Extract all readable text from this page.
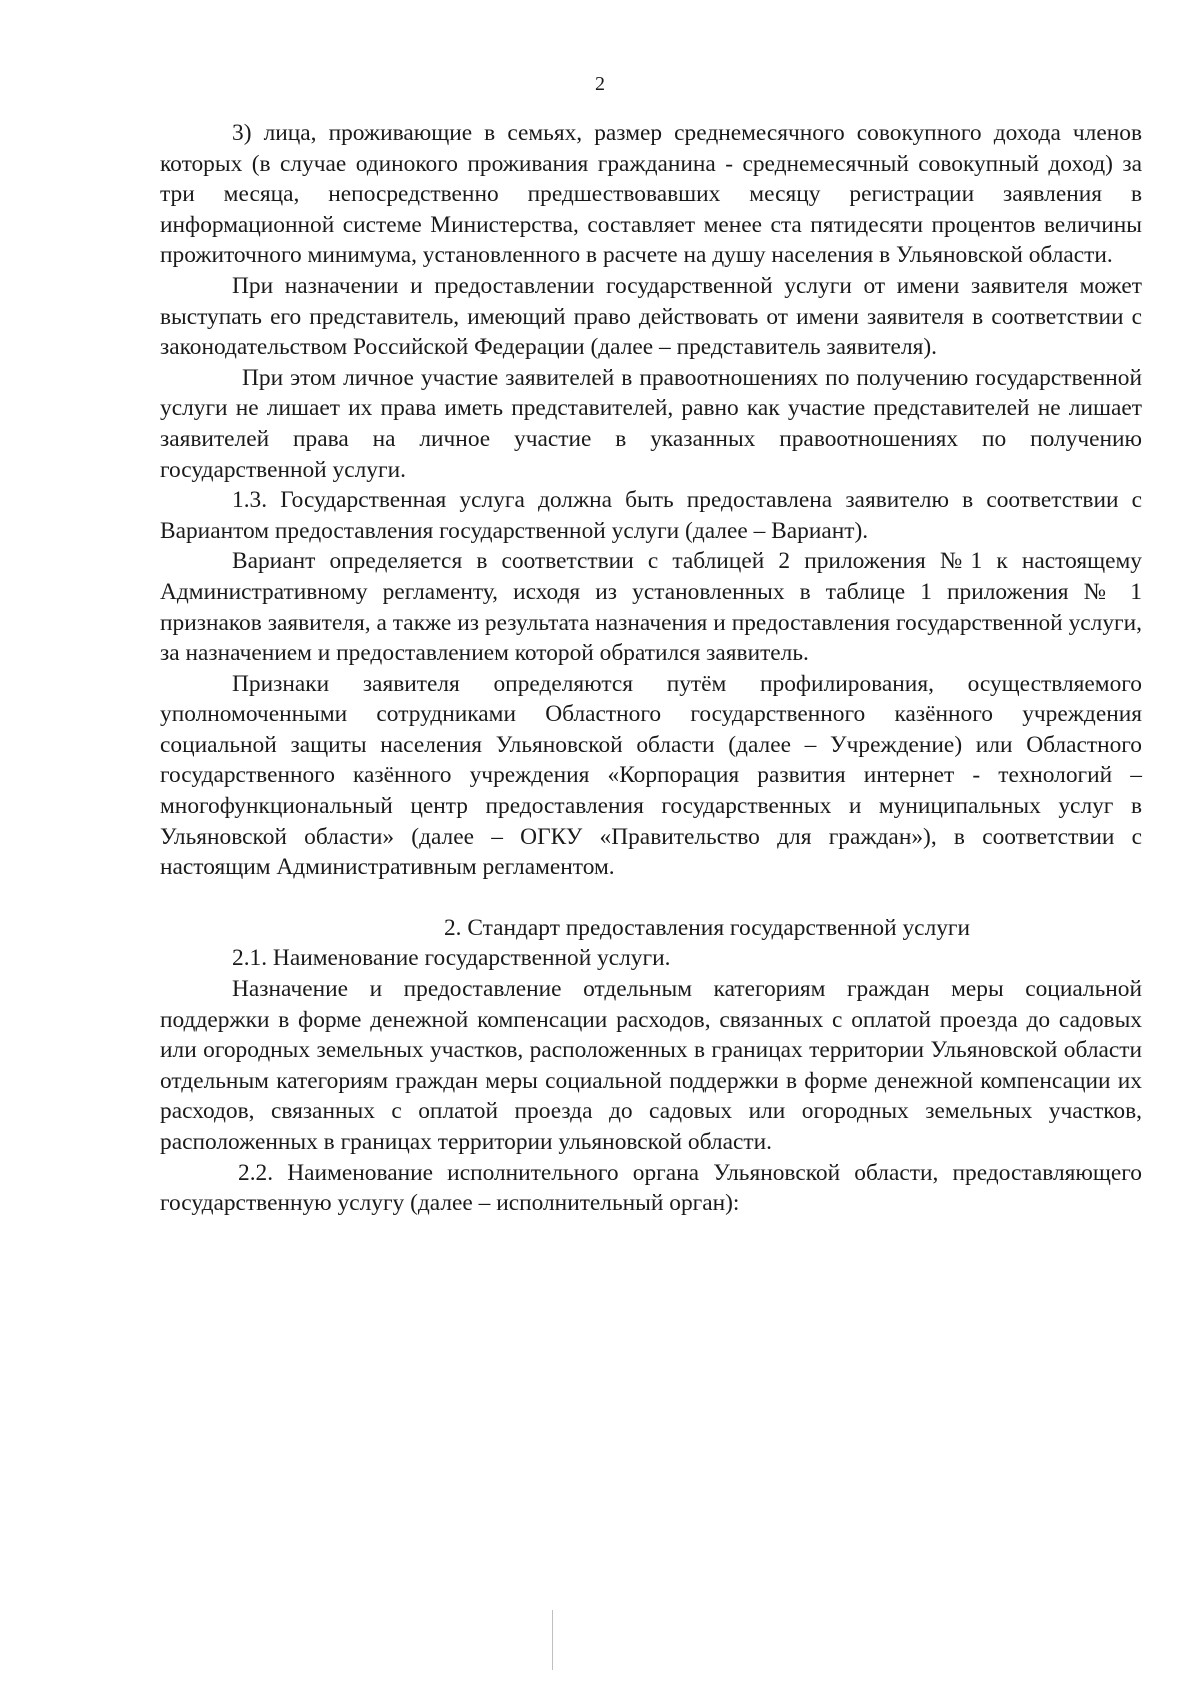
2

3) лица, проживающие в семьях, размер среднемесячного совокупного дохода членов которых (в случае одинокого проживания гражданина - среднемесячный совокупный доход) за три месяца, непосредственно предшествовавших месяцу регистрации заявления в информационной системе Министерства, составляет менее ста пятидесяти процентов величины прожиточного минимума, установленного в расчете на душу населения в Ульяновской области.

При назначении и предоставлении государственной услуги от имени заявителя может выступать его представитель, имеющий право действовать от имени заявителя в соответствии с законодательством Российской Федерации (далее – представитель заявителя).

При этом личное участие заявителей в правоотношениях по получению государственной услуги не лишает их права иметь представителей, равно как участие представителей не лишает заявителей права на личное участие в указанных правоотношениях по получению государственной услуги.

1.3. Государственная услуга должна быть предоставлена заявителю в соответствии с Вариантом предоставления государственной услуги (далее – Вариант).

Вариант определяется в соответствии с таблицей 2 приложения №1 к настоящему Административному регламенту, исходя из установленных в таблице 1 приложения № 1 признаков заявителя, а также из результата назначения и предоставления государственной услуги, за назначением и предоставлением которой обратился заявитель.

Признаки заявителя определяются путём профилирования, осуществляемого уполномоченными сотрудниками Областного государственного казённого учреждения социальной защиты населения Ульяновской области (далее – Учреждение) или Областного государственного казённого учреждения «Корпорация развития интернет - технологий – многофункциональный центр предоставления государственных и муниципальных услуг в Ульяновской области» (далее – ОГКУ «Правительство для граждан»), в соответствии с настоящим Административным регламентом.

2. Стандарт предоставления государственной услуги

2.1. Наименование государственной услуги.

Назначение и предоставление отдельным категориям граждан меры социальной поддержки в форме денежной компенсации расходов, связанных с оплатой проезда до садовых или огородных земельных участков, расположенных в границах территории Ульяновской области отдельным категориям граждан меры социальной поддержки в форме денежной компенсации их расходов, связанных с оплатой проезда до садовых или огородных земельных участков, расположенных в границах территории ульяновской области.

2.2. Наименование исполнительного органа Ульяновской области, предоставляющего государственную услугу (далее – исполнительный орган):
